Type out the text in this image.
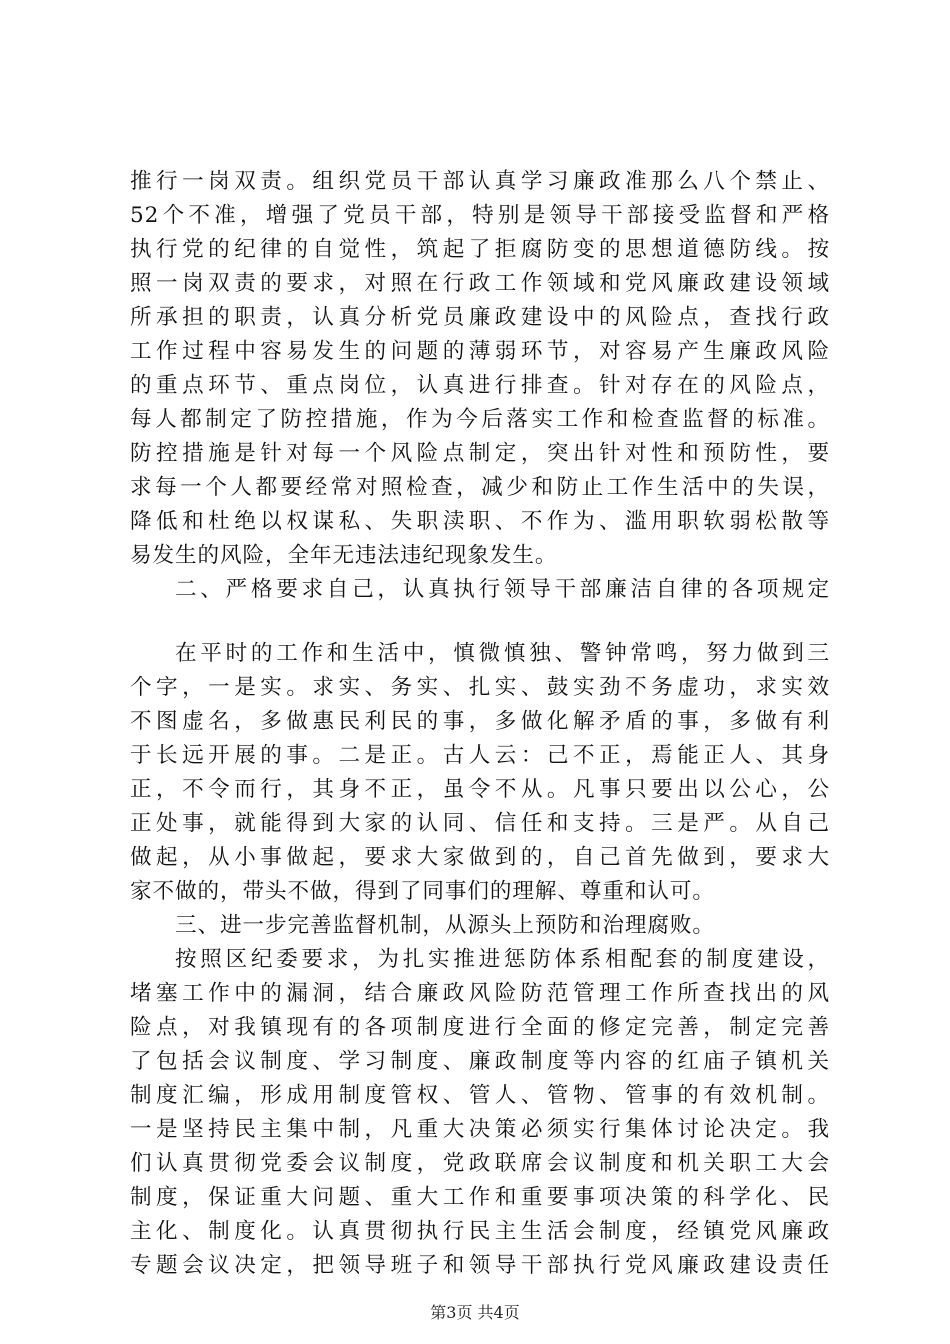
推行一岗双责。组织党员干部认真学习廉政准那么八个禁止、
52个不准，增强了党员干部，特别是领导干部接受监督和严格
执行党的纪律的自觉性，筑起了拒腐防变的思想道德防线。按
照一岗双责的要求，对照在行政工作领域和党风廉政建设领域
所承担的职责，认真分析党员廉政建设中的风险点，查找行政
工作过程中容易发生的问题的薄弱环节，对容易产生廉政风险
的重点环节、重点岗位，认真进行排查。针对存在的风险点，
每人都制定了防控措施，作为今后落实工作和检查监督的标准。
防控措施是针对每一个风险点制定，突出针对性和预防性，要
求每一个人都要经常对照检查，减少和防止工作生活中的失误，
降低和杜绝以权谋私、失职渎职、不作为、滥用职软弱松散等
易发生的风险，全年无违法违纪现象发生。
二、严格要求自己，认真执行领导干部廉洁自律的各项规定
在平时的工作和生活中，慎微慎独、警钟常鸣，努力做到三
个字，一是实。求实、务实、扎实、鼓实劲不务虚功，求实效
不图虚名，多做惠民利民的事，多做化解矛盾的事，多做有利
于长远开展的事。二是正。古人云：己不正，焉能正人、其身
正，不令而行，其身不正，虽令不从。凡事只要出以公心，公
正处事，就能得到大家的认同、信任和支持。三是严。从自己
做起，从小事做起，要求大家做到的，自己首先做到，要求大
家不做的，带头不做，得到了同事们的理解、尊重和认可。
三、进一步完善监督机制，从源头上预防和治理腐败。
按照区纪委要求，为扎实推进惩防体系相配套的制度建设，
堵塞工作中的漏洞，结合廉政风险防范管理工作所查找出的风
险点，对我镇现有的各项制度进行全面的修定完善，制定完善
了包括会议制度、学习制度、廉政制度等内容的红庙子镇机关
制度汇编，形成用制度管权、管人、管物、管事的有效机制。
一是坚持民主集中制，凡重大决策必须实行集体讨论决定。我
们认真贯彻党委会议制度，党政联席会议制度和机关职工大会
制度，保证重大问题、重大工作和重要事项决策的科学化、民
主化、制度化。认真贯彻执行民主生活会制度，经镇党风廉政
专题会议决定，把领导班子和领导干部执行党风廉政建设责任
第3页 共4页
